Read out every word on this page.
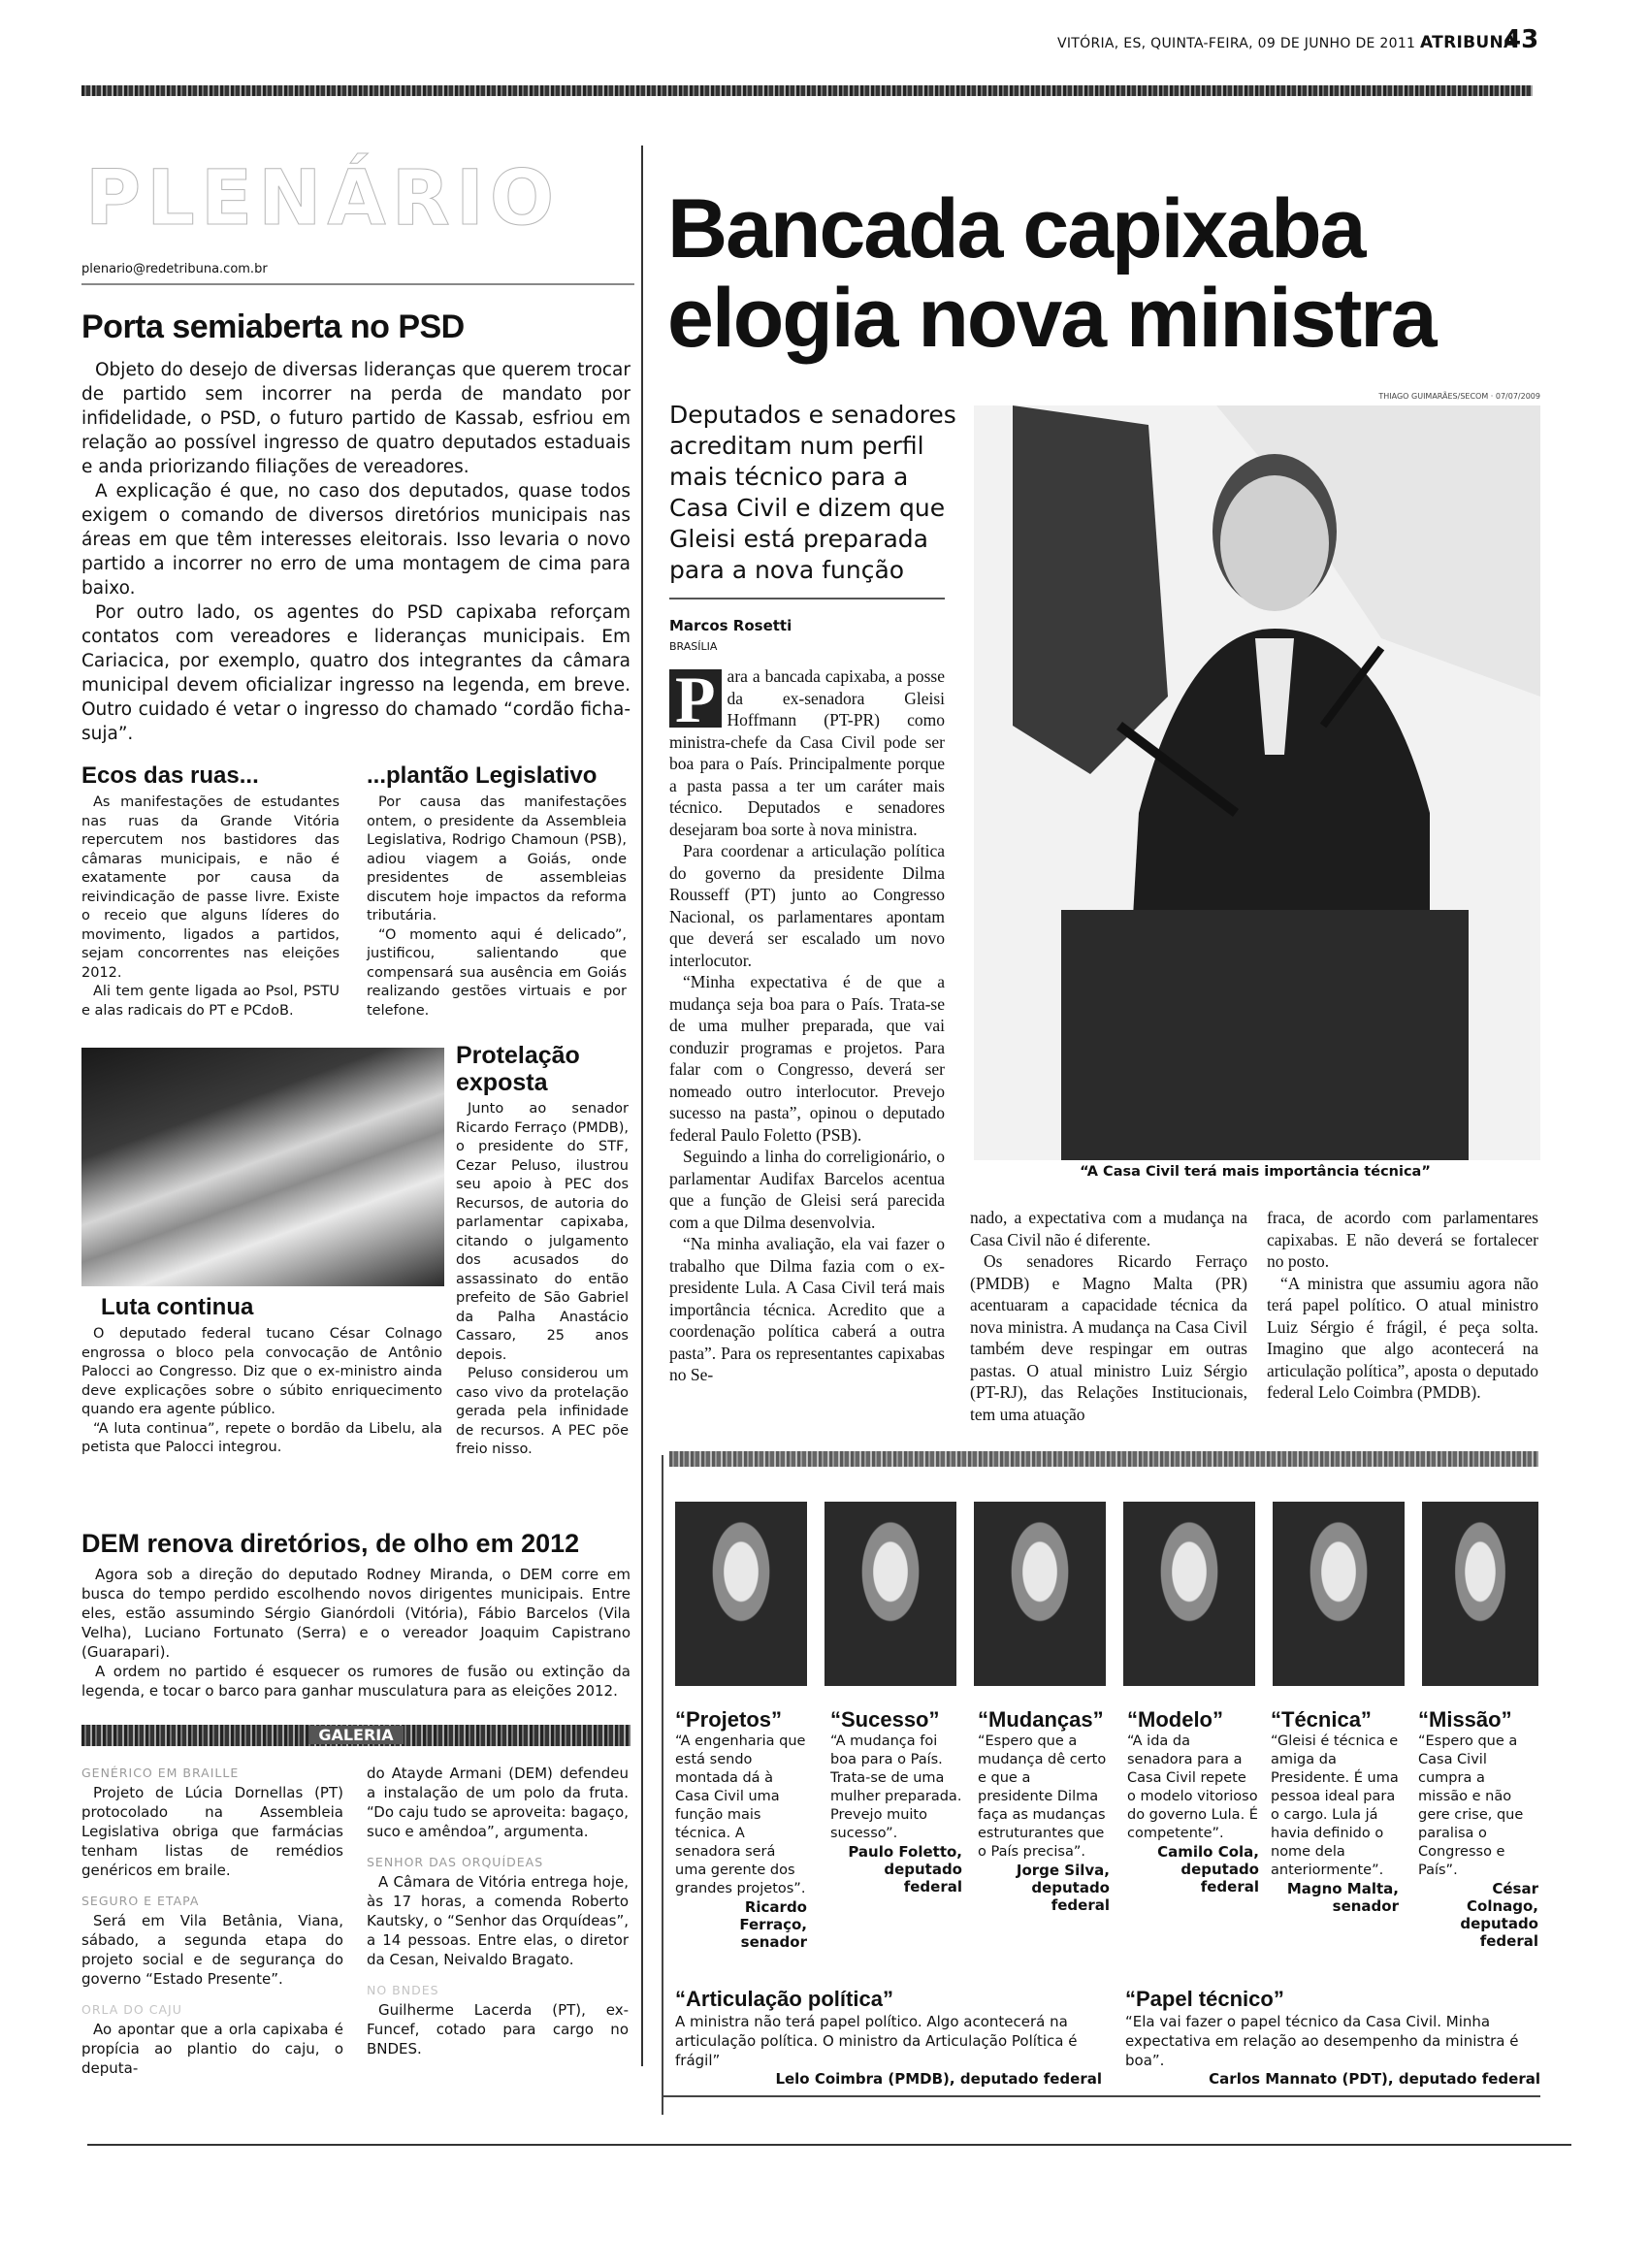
VITÓRIA, ES, QUINTA-FEIRA, 09 DE JUNHO DE 2011 ATRIBUNA
43
PLENÁRIO
plenario@redetribuna.com.br
Porta semiaberta no PSD

Objeto do desejo de diversas lideranças que querem trocar de partido sem incorrer na perda de mandato por infidelidade, o PSD, o futuro partido de Kassab, esfriou em relação ao possível ingresso de quatro deputados estaduais e anda priorizando filiações de vereadores.

A explicação é que, no caso dos deputados, quase todos exigem o comando de diversos diretórios municipais nas áreas em que têm interesses eleitorais. Isso levaria o novo partido a incorrer no erro de uma montagem de cima para baixo.

Por outro lado, os agentes do PSD capixaba reforçam contatos com vereadores e lideranças municipais. Em Cariacica, por exemplo, quatro dos integrantes da câmara municipal devem oficializar ingresso na legenda, em breve. Outro cuidado é vetar o ingresso do chamado “cordão ficha-suja”.

Ecos das ruas...

As manifestações de estudantes nas ruas da Grande Vitória repercutem nos bastidores das câmaras municipais, e não é exatamente por causa da reivindicação de passe livre. Existe o receio que alguns líderes do movimento, ligados a partidos, sejam concorrentes nas eleições 2012.

Ali tem gente ligada ao Psol, PSTU e alas radicais do PT e PCdoB.

...plantão Legislativo

Por causa das manifestações ontem, o presidente da Assembleia Legislativa, Rodrigo Chamoun (PSB), adiou viagem a Goiás, onde presidentes de assembleias discutem hoje impactos da reforma tributária.

“O momento aqui é delicado”, justificou, salientando que compensará sua ausência em Goiás realizando gestões virtuais e por telefone.

Protelação exposta

Junto ao senador Ricardo Ferraço (PMDB), o presidente do STF, Cezar Peluso, ilustrou seu apoio à PEC dos Recursos, de autoria do parlamentar capixaba, citando o julgamento dos acusados do assassinato do então prefeito de São Gabriel da Palha Anastácio Cassaro, 25 anos depois.

Peluso considerou um caso vivo da protelação gerada pela infinidade de recursos. A PEC põe freio nisso.

Luta continua

O deputado federal tucano César Colnago engrossa o bloco pela convocação de Antônio Palocci ao Congresso. Diz que o ex-ministro ainda deve explicações sobre o súbito enriquecimento quando era agente público.

“A luta continua”, repete o bordão da Libelu, ala petista que Palocci integrou.

DEM renova diretórios, de olho em 2012

Agora sob a direção do deputado Rodney Miranda, o DEM corre em busca do tempo perdido escolhendo novos dirigentes municipais. Entre eles, estão assumindo Sérgio Gianórdoli (Vitória), Fábio Barcelos (Vila Velha), Luciano Fortunato (Serra) e o vereador Joaquim Capistrano (Guarapari).

A ordem no partido é esquecer os rumores de fusão ou extinção da legenda, e tocar o barco para ganhar musculatura para as eleições 2012.

GALERIA

GENÉRICO EM BRAILLE

Projeto de Lúcia Dornellas (PT) protocolado na Assembleia Legislativa obriga que farmácias tenham listas de remédios genéricos em braile.

SEGURO E ETAPA

Será em Vila Betânia, Viana, sábado, a segunda etapa do projeto social e de segurança do governo “Estado Presente”.

ORLA DO CAJU

Ao apontar que a orla capixaba é propícia ao plantio do caju, o deputa-

do Atayde Armani (DEM) defendeu a instalação de um polo da fruta. “Do caju tudo se aproveita: bagaço, suco e amêndoa”, argumenta.

SENHOR DAS ORQUÍDEAS

A Câmara de Vitória entrega hoje, às 17 horas, a comenda Roberto Kautsky, o “Senhor das Orquídeas”, a 14 pessoas. Entre elas, o diretor da Cesan, Neivaldo Bragato.

NO BNDES

Guilherme Lacerda (PT), ex-Funcef, cotado para cargo no BNDES.

Bancada capixaba
elogia nova ministra
THIAGO GUIMARÃES/SECOM · 07/07/2009
Deputados e senadores acreditam num perfil mais técnico para a Casa Civil e dizem que Gleisi está preparada para a nova função
Marcos Rosetti
BRASÍLIA
“A Casa Civil terá mais importância técnica”
P ara a bancada capixaba, a posse da ex-senadora Gleisi Hoffmann (PT-PR) como ministra-chefe da Casa Civil pode ser boa para o País. Principalmente porque a pasta passa a ter um caráter mais técnico. Deputados e senadores desejaram boa sorte à nova ministra.

Para coordenar a articulação política do governo da presidente Dilma Rousseff (PT) junto ao Congresso Nacional, os parlamentares apontam que deverá ser escalado um novo interlocutor.

“Minha expectativa é de que a mudança seja boa para o País. Trata-se de uma mulher preparada, que vai conduzir programas e projetos. Para falar com o Congresso, deverá ser nomeado outro interlocutor. Prevejo sucesso na pasta”, opinou o deputado federal Paulo Foletto (PSB).

Seguindo a linha do correligionário, o parlamentar Audifax Barcelos acentua que a função de Gleisi será parecida com a que Dilma desenvolvia.

“Na minha avaliação, ela vai fazer o trabalho que Dilma fazia com o ex-presidente Lula. A Casa Civil terá mais importância técnica. Acredito que a coordenação política caberá a outra pasta”. Para os representantes capixabas no Se-

nado, a expectativa com a mudança na Casa Civil não é diferente.

Os senadores Ricardo Ferraço (PMDB) e Magno Malta (PR) acentuaram a capacidade técnica da nova ministra. A mudança na Casa Civil também deve respingar em outras pastas. O atual ministro Luiz Sérgio (PT-RJ), das Relações Institucionais, tem uma atuação

fraca, de acordo com parlamentares capixabas. E não deverá se fortalecer no posto.

“A ministra que assumiu agora não terá papel político. O atual ministro Luiz Sérgio é frágil, é peça solta. Imagino que algo acontecerá na articulação política”, aposta o deputado federal Lelo Coimbra (PMDB).

“Projetos”
“A engenharia que está sendo montada dá à Casa Civil uma função mais técnica. A senadora será uma gerente dos grandes projetos”.
Ricardo Ferraço,
senador
“Sucesso”
“A mudança foi boa para o País. Trata-se de uma mulher preparada. Prevejo muito sucesso”.
Paulo Foletto,
deputado federal
“Mudanças”
“Espero que a mudança dê certo e que a presidente Dilma faça as mudanças estruturantes que o País precisa”.
Jorge Silva,
deputado federal
“Modelo”
“A ida da senadora para a Casa Civil repete o modelo vitorioso do governo Lula. É competente”.
Camilo Cola,
deputado federal
“Técnica”
“Gleisi é técnica e amiga da Presidente. É uma pessoa ideal para o cargo. Lula já havia definido o nome dela anteriormente”.
Magno Malta,
senador
“Missão”
“Espero que a Casa Civil cumpra a missão e não gere crise, que paralisa o Congresso e País”.
César Colnago,
deputado federal
“Articulação política”
A ministra não terá papel político. Algo acontecerá na articulação política. O ministro da Articulação Política é frágil”
Lelo Coimbra (PMDB), deputado federal
“Papel técnico”
“Ela vai fazer o papel técnico da Casa Civil. Minha expectativa em relação ao desempenho da ministra é boa”.
Carlos Mannato (PDT), deputado federal
